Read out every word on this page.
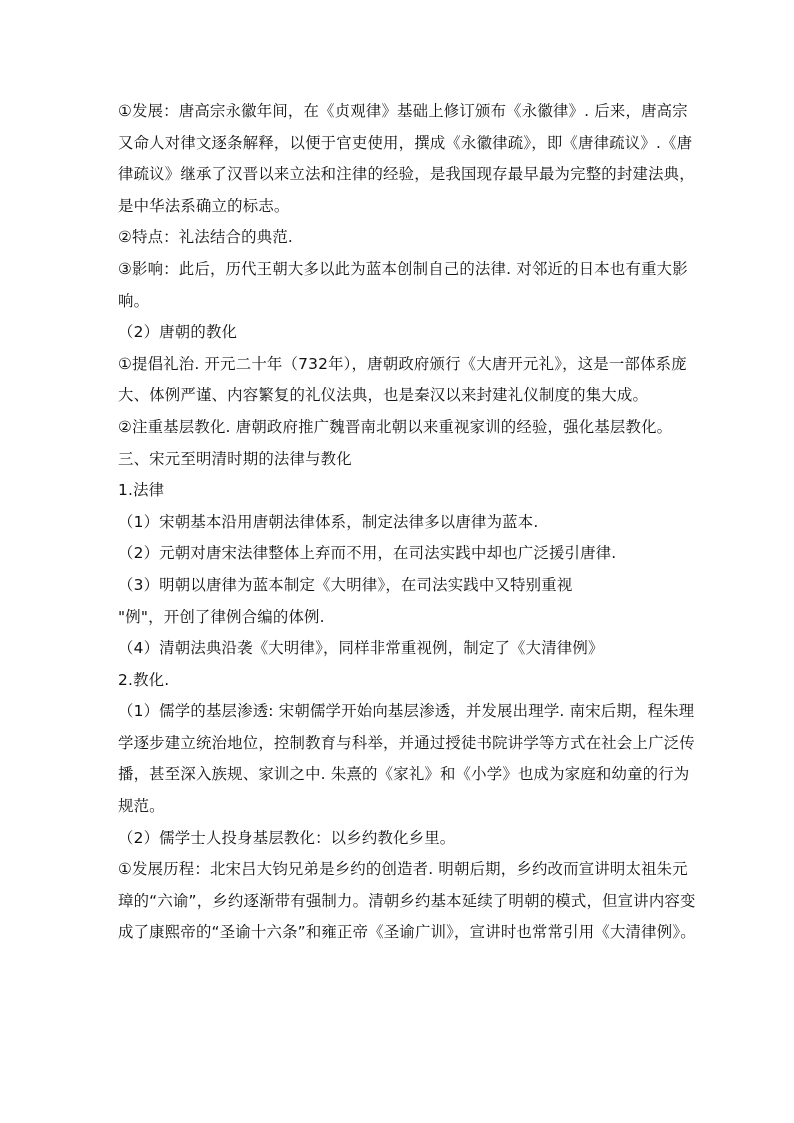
①发展：唐高宗永徽年间，在《贞观律》基础上修订颁布《永徽律》. 后来，唐高宗又命人对律文逐条解释，以便于官吏使用，撰成《永徽律疏》，即《唐律疏议》.《唐律疏议》继承了汉晋以来立法和注律的经验，是我国现存最早最为完整的封建法典，是中华法系确立的标志。

②特点：礼法结合的典范.

③影响：此后，历代王朝大多以此为蓝本创制自己的法律. 对邻近的日本也有重大影响。

（2）唐朝的教化

①提倡礼治. 开元二十年（732年），唐朝政府颁行《大唐开元礼》，这是一部体系庞大、体例严谨、内容繁复的礼仪法典，也是秦汉以来封建礼仪制度的集大成。

②注重基层教化. 唐朝政府推广魏晋南北朝以来重视家训的经验，强化基层教化。

三、宋元至明清时期的法律与教化

1.法律

（1）宋朝基本沿用唐朝法律体系，制定法律多以唐律为蓝本.

（2）元朝对唐宋法律整体上弃而不用，在司法实践中却也广泛援引唐律.

（3）明朝以唐律为蓝本制定《大明律》，在司法实践中又特别重视

"例"，开创了律例合编的体例.

（4）清朝法典沿袭《大明律》，同样非常重视例，制定了《大清律例》

2.教化.

（1）儒学的基层渗透: 宋朝儒学开始向基层渗透，并发展出理学. 南宋后期，程朱理学逐步建立统治地位，控制教育与科举，并通过授徒书院讲学等方式在社会上广泛传播，甚至深入族规、家训之中. 朱熹的《家礼》和《小学》也成为家庭和幼童的行为规范。

（2）儒学士人投身基层教化：以乡约教化乡里。

①发展历程：北宋吕大钧兄弟是乡约的创造者. 明朝后期，乡约改而宣讲明太祖朱元璋的“六谕”，乡约逐渐带有强制力。清朝乡约基本延续了明朝的模式，但宣讲内容变成了康熙帝的“圣谕十六条”和雍正帝《圣谕广训》，宣讲时也常常引用《大清律例》。
